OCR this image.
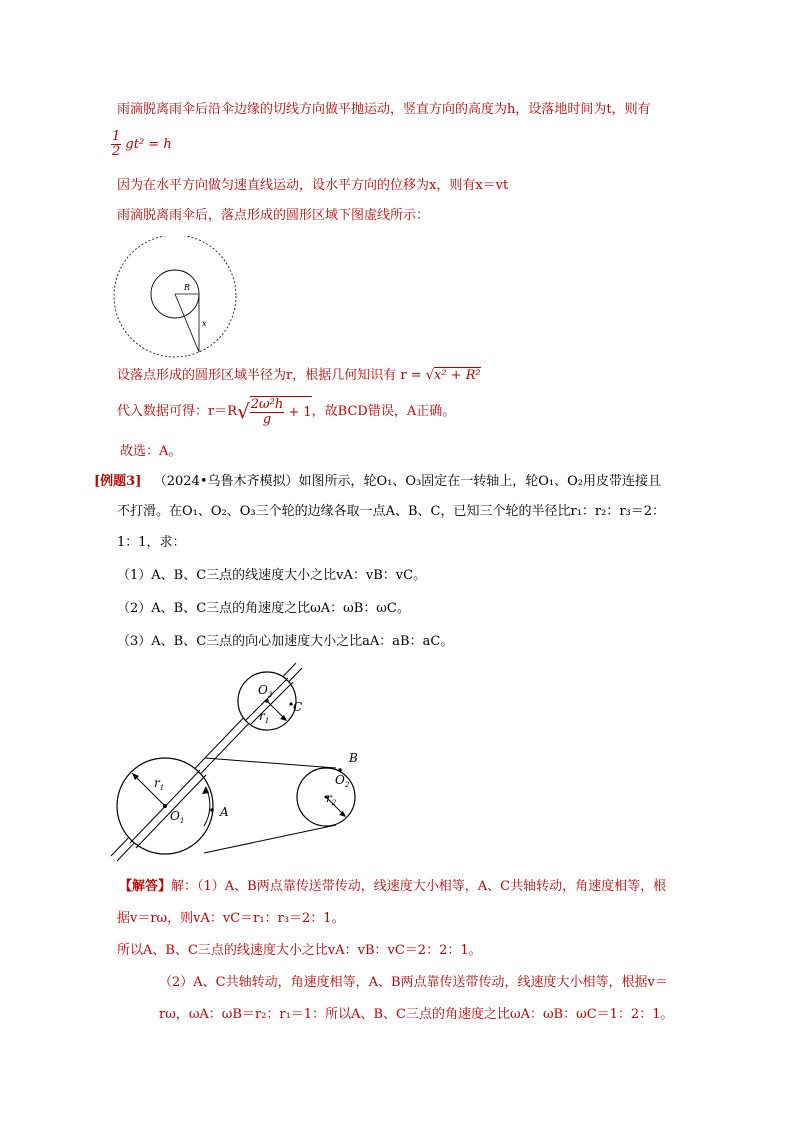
雨滴脱离雨伞后沿伞边缘的切线方向做平抛运动，竖直方向的高度为h，设落地时间为t，则有
$\frac{1}{2} gt^2 = h$
因为在水平方向做匀速直线运动，设水平方向的位移为x，则有x＝vt
雨滴脱离雨伞后，落点形成的圆形区域下图虚线所示：
R
x
设落点形成的圆形区域半径为r，根据几何知识有 r = √x² + R²
代入数据可得：$r=R√ \frac{\text{2ω²h}}{g} + 1$，故BCD错误，A正确。
故选：A。
[例题3] （2024•乌鲁木齐模拟）如图所示，轮O₁、O₃固定在一转轴上，轮O₁、O₂用皮带连接且
不打滑。在O₁、O₂、O₃三个轮的边缘各取一点A、B、C，已知三个轮的半径比r₁：r₂：r₃＝2：
1：1，求：
（1）A、B、C三点的线速度大小之比vA：vB：vC。
（2）A、B、C三点的角速度之比ωA：ωB：ωC。
（3）A、B、C三点的向心加速度大小之比aA：aB：aC。
$O_1$
$r_1$
A
B
$O_2$
$r_2$
$O_3$
$r_1$
C
【解答】解：（1）A、B两点靠传送带传动，线速度大小相等，A、C共轴转动，角速度相等，根
据v＝rω，则vA：vC＝r₁：r₃＝2：1。
所以A、B、C三点的线速度大小之比vA：vB：vC＝2：2：1。
（2）A、C共轴转动，角速度相等，A、B两点靠传送带传动，线速度大小相等，根据v＝
rω，ωA：ωB＝r₂：r₁＝1：所以A、B、C三点的角速度之比ωA：ωB：ωC＝1：2：1。
